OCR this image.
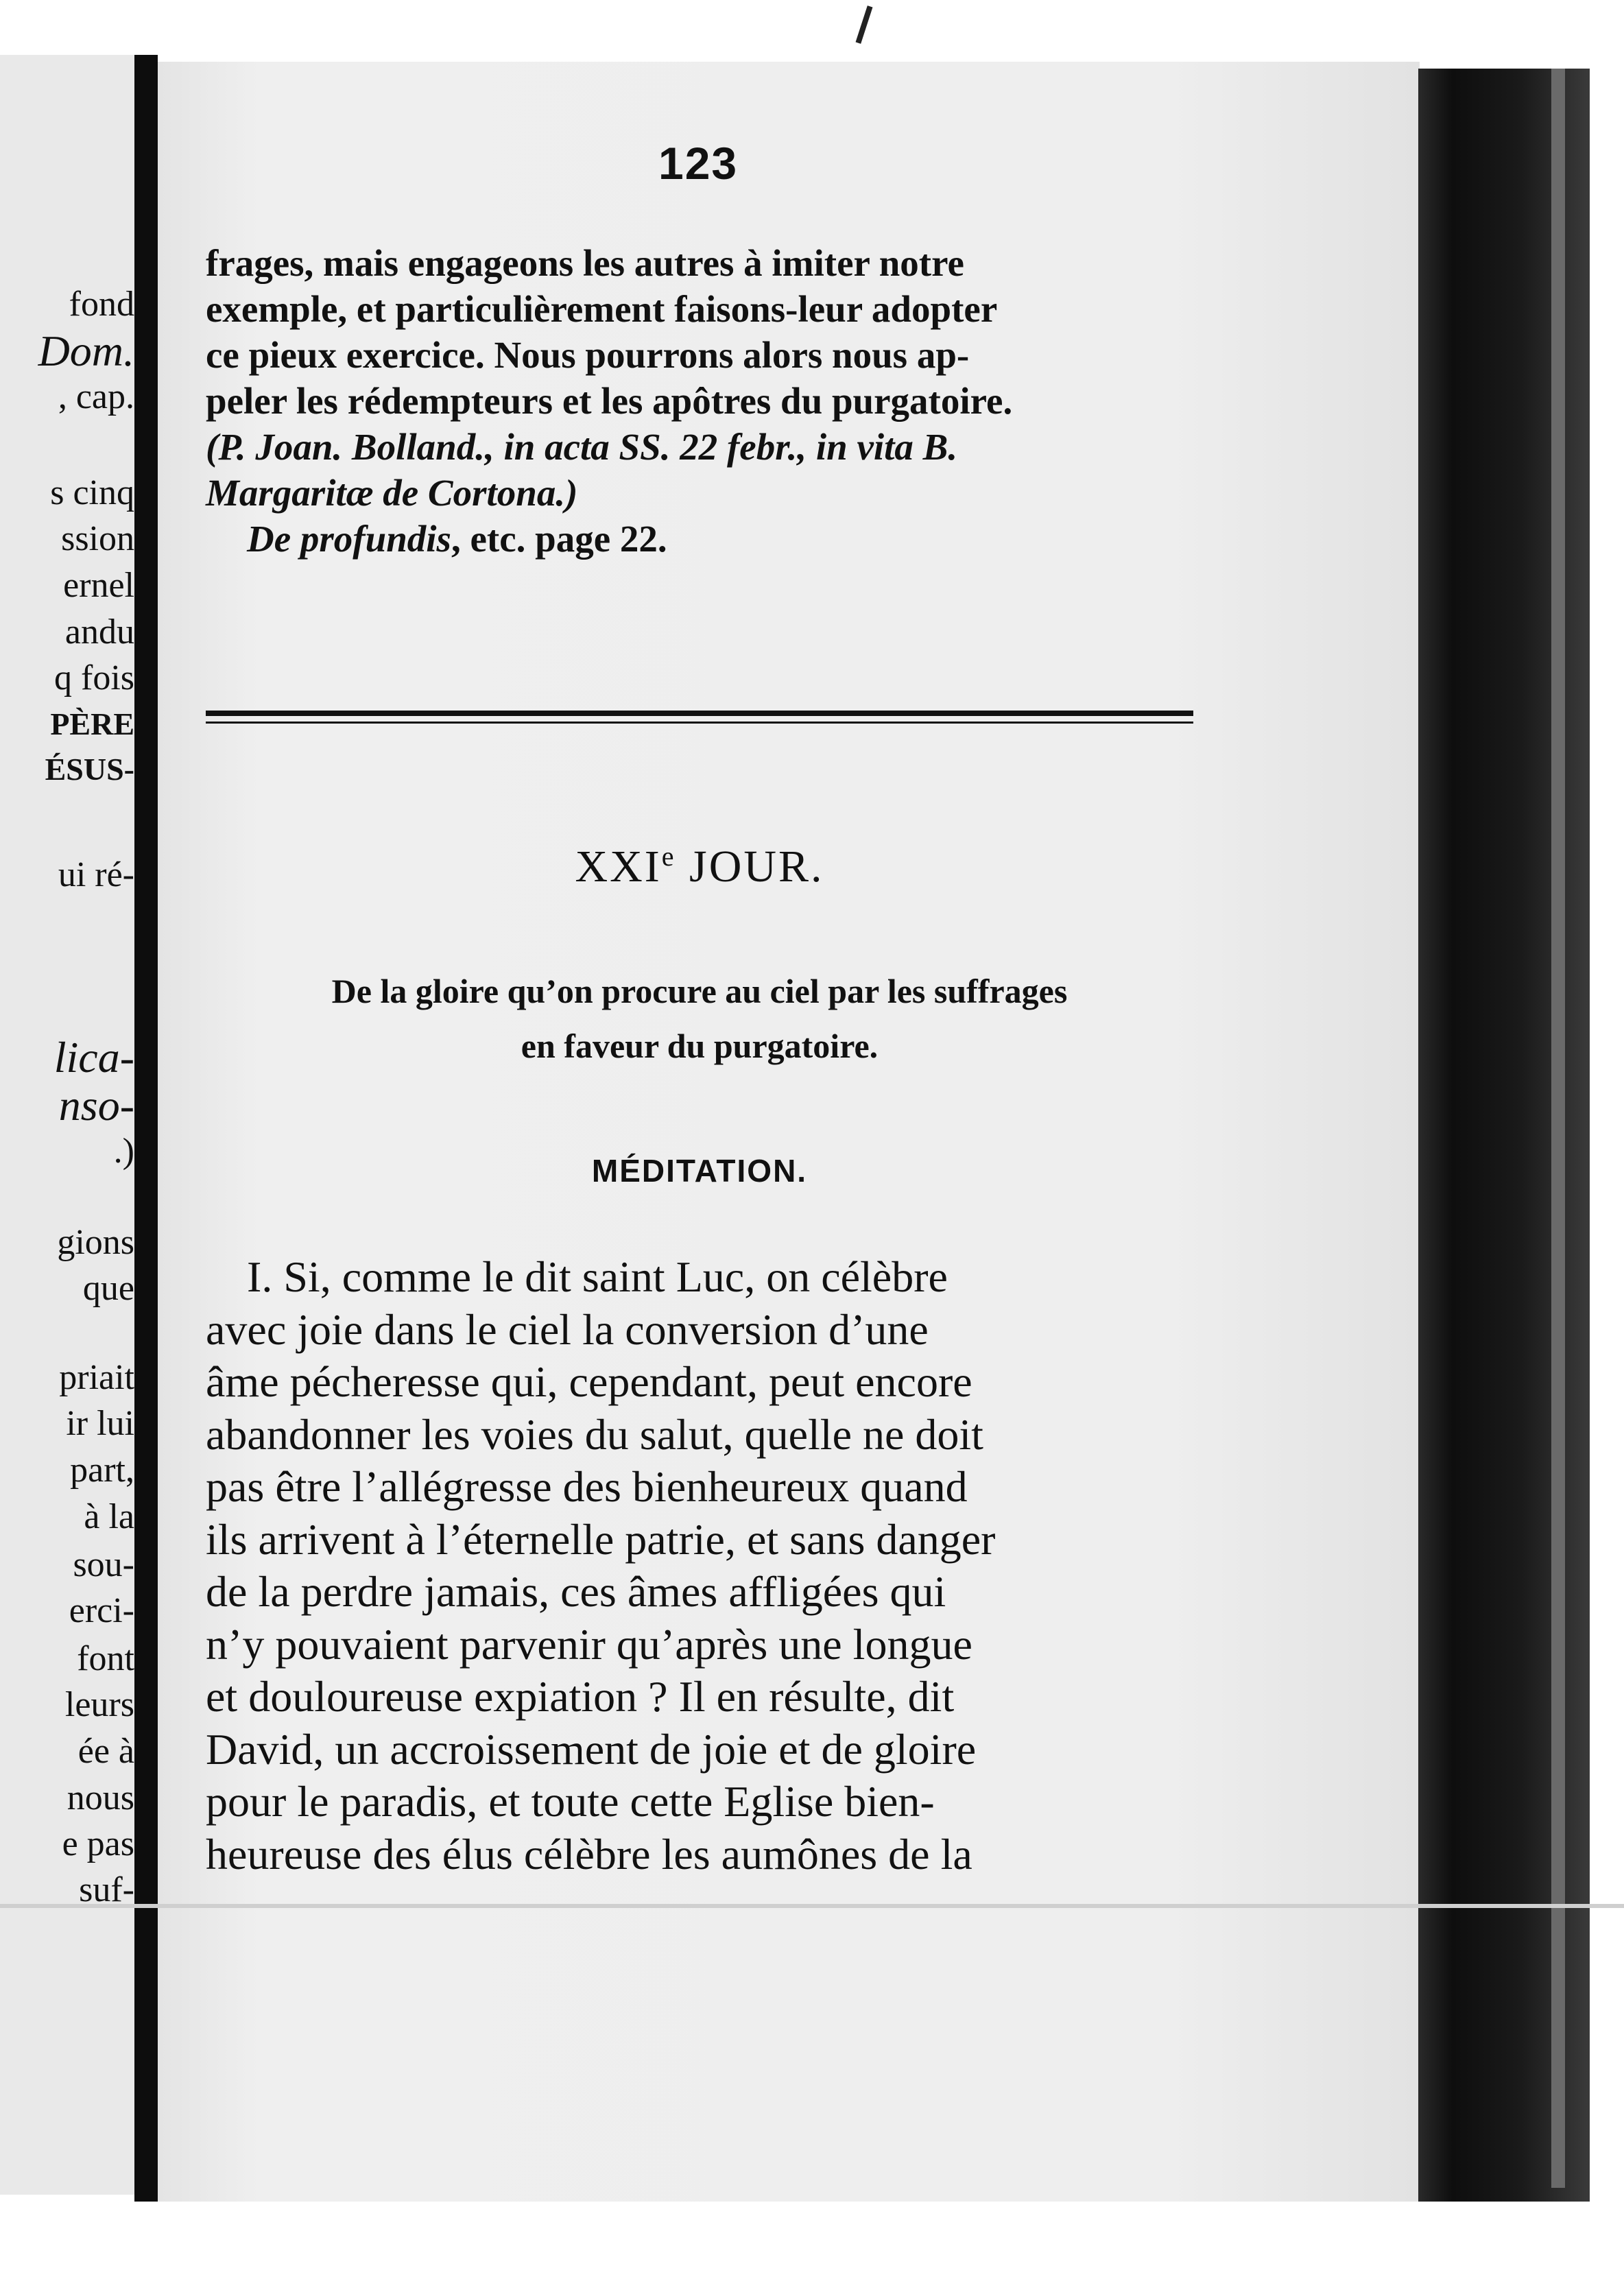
123
frages, mais engageons les autres à imiter notre
exemple, et particulièrement faisons-leur adopter
ce pieux exercice. Nous pourrons alors nous ap-
peler les rédempteurs et les apôtres du purgatoire.
(P. Joan. Bolland., in acta SS. 22 febr., in vita B.
Margaritæ de Cortona.)
De profundis , etc. page 22.
XXIe JOUR.
De la gloire qu’on procure au ciel par les suffrages
en faveur du purgatoire.
MÉDITATION.
I. Si, comme le dit saint Luc, on célèbre
avec joie dans le ciel la conversion d’une
âme pécheresse qui, cependant, peut encore
abandonner les voies du salut, quelle ne doit
pas être l’allégresse des bienheureux quand
ils arrivent à l’éternelle patrie, et sans danger
de la perdre jamais, ces âmes affligées qui
n’y pouvaient parvenir qu’après une longue
et douloureuse expiation ? Il en résulte, dit
David, un accroissement de joie et de gloire
pour le paradis, et toute cette Eglise bien-
heureuse des élus célèbre les aumônes de la
fond
Dom.
, cap.
s cinq
ssion
ernel
andu
q fois
PÈRE
ÉSUS-
ui ré-
lica-
nso-
.)
gions
que
priait
ir lui
part,
à la
sou-
erci-
font
leurs
ée à
nous
e pas
suf-
